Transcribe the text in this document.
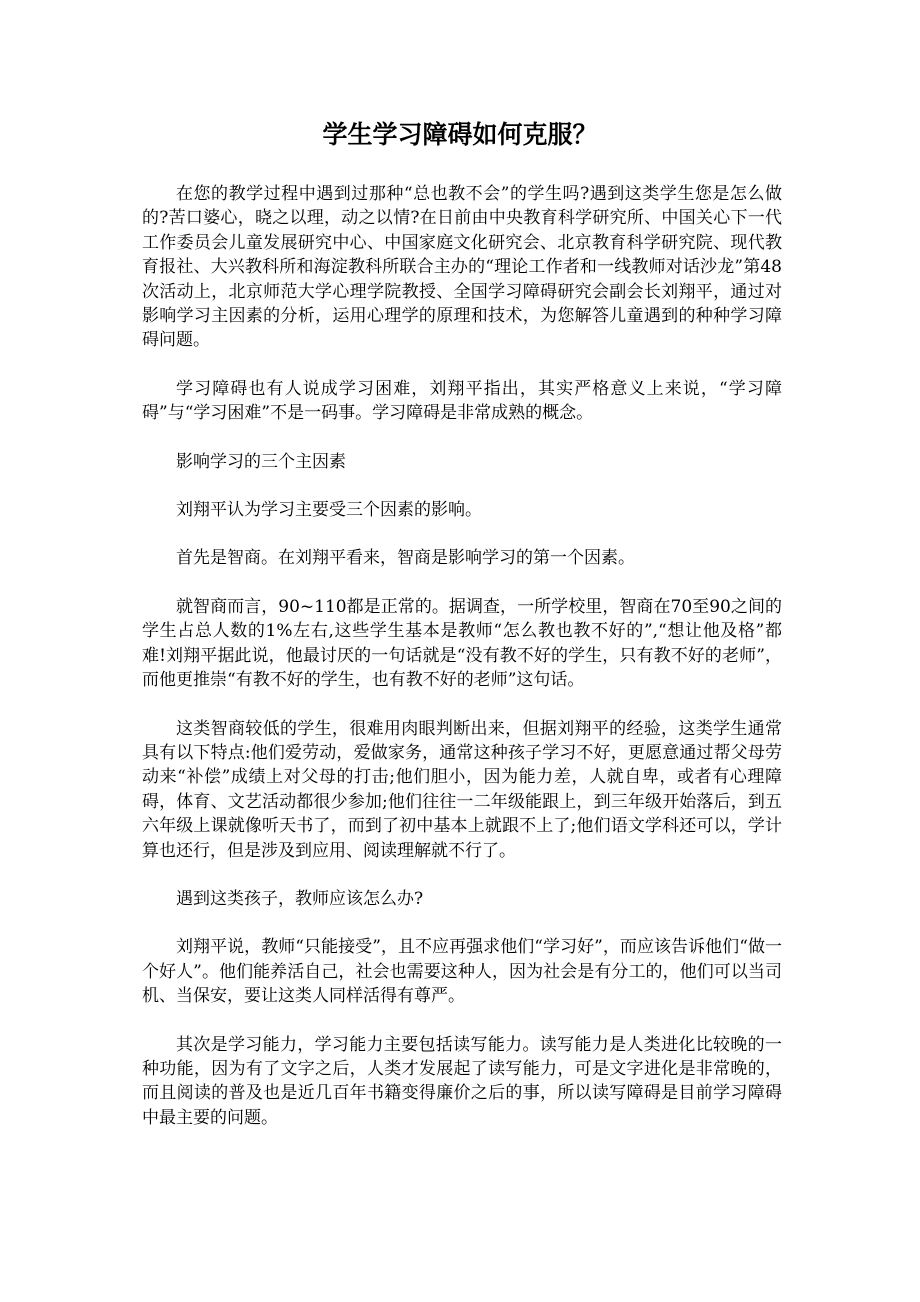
学生学习障碍如何克服？

在您的教学过程中遇到过那种“总也教不会”的学生吗?遇到这类学生您是怎么做的?苦口婆心，晓之以理，动之以情?在日前由中央教育科学研究所、中国关心下一代工作委员会儿童发展研究中心、中国家庭文化研究会、北京教育科学研究院、现代教育报社、大兴教科所和海淀教科所联合主办的“理论工作者和一线教师对话沙龙”第48次活动上，北京师范大学心理学院教授、全国学习障碍研究会副会长刘翔平，通过对影响学习主因素的分析，运用心理学的原理和技术，为您解答儿童遇到的种种学习障碍问题。

学习障碍也有人说成学习困难，刘翔平指出，其实严格意义上来说，“学习障碍”与“学习困难”不是一码事。学习障碍是非常成熟的概念。

影响学习的三个主因素

刘翔平认为学习主要受三个因素的影响。

首先是智商。在刘翔平看来，智商是影响学习的第一个因素。

就智商而言，90~110都是正常的。据调查，一所学校里，智商在70至90之间的学生占总人数的1%左右,这些学生基本是教师“怎么教也教不好的”,“想让他及格”都难!刘翔平据此说，他最讨厌的一句话就是“没有教不好的学生，只有教不好的老师”，而他更推崇“有教不好的学生，也有教不好的老师”这句话。

这类智商较低的学生，很难用肉眼判断出来，但据刘翔平的经验，这类学生通常具有以下特点:他们爱劳动，爱做家务，通常这种孩子学习不好，更愿意通过帮父母劳动来“补偿”成绩上对父母的打击;他们胆小，因为能力差，人就自卑，或者有心理障碍，体育、文艺活动都很少参加;他们往往一二年级能跟上，到三年级开始落后，到五六年级上课就像听天书了，而到了初中基本上就跟不上了;他们语文学科还可以，学计算也还行，但是涉及到应用、阅读理解就不行了。

遇到这类孩子，教师应该怎么办?

刘翔平说，教师“只能接受”，且不应再强求他们“学习好”，而应该告诉他们“做一个好人”。他们能养活自己，社会也需要这种人，因为社会是有分工的，他们可以当司机、当保安，要让这类人同样活得有尊严。

其次是学习能力，学习能力主要包括读写能力。读写能力是人类进化比较晚的一种功能，因为有了文字之后，人类才发展起了读写能力，可是文字进化是非常晚的，而且阅读的普及也是近几百年书籍变得廉价之后的事，所以读写障碍是目前学习障碍中最主要的问题。
